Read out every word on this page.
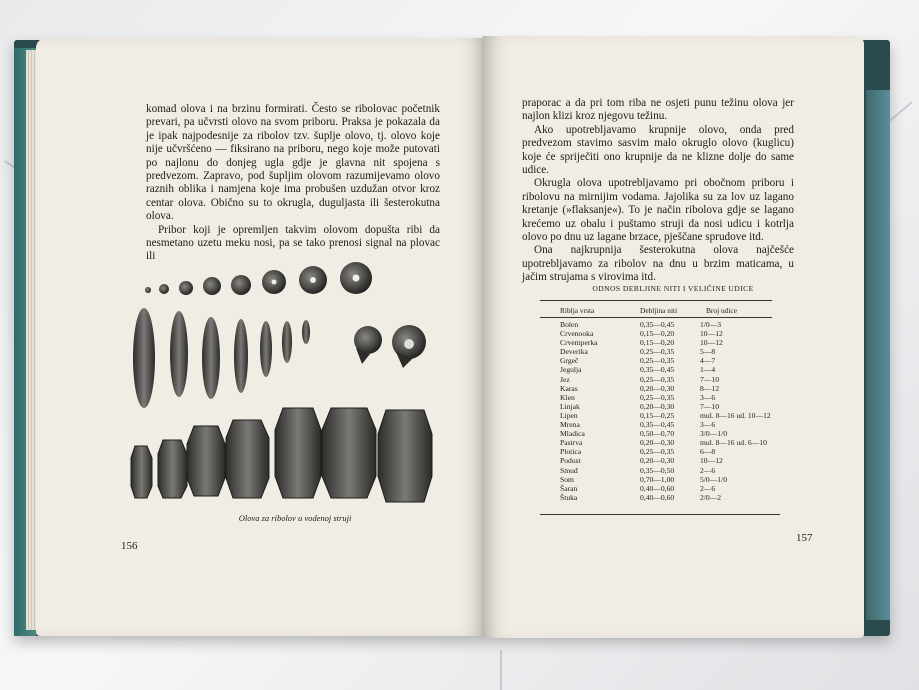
komad olova i na brzinu formirati. Često se ribolovac početnik prevari, pa učvrsti olovo na svom priboru. Praksa je pokazala da je ipak najpodesnije za ribolov tzv. šuplje olovo, tj. olovo koje nije učvršćeno — fiksirano na priboru, nego koje može putovati po najlonu do donjeg ugla gdje je glavna nit spojena s predvezom. Zapravo, pod šupljim olovom razumijevamo olovo raznih oblika i namjena koje ima probušen uzdužan otvor kroz centar olova. Obično su to okrugla, duguljasta ili šesterokutna olova.

Pribor koji je opremljen takvim olovom dopušta ribi da nesmetano uzetu meku nosi, pa se tako prenosi signal na plovac ili

Olova za ribolov u vodenoj struji
156

praporac a da pri tom riba ne osjeti punu težinu olova jer najlon klizi kroz njegovu težinu.

Ako upotrebljavamo krupnije olovo, onda pred predvezom stavimo sasvim malo okruglo olovo (kuglicu) koje će spriječiti ono krupnije da ne klizne dolje do same udice.

Okrugla olova upotrebljavamo pri obočnom priboru i ribolovu na mirnijim vodama. Jajolika su za lov uz lagano kretanje (»flaksanje«). To je način ribolova gdje se lagano krećemo uz obalu i puštamo struji da nosi udicu i kotrlja olovo po dnu uz lagane brzace, pješčane sprudove itd.

Ona najkrupnija šesterokutna olova najčešće upotrebljavamo za ribolov na dnu u brzim maticama, u jačim strujama s virovima itd.

ODNOS DEBLJINE NITI I VELIČINE UDICE
Riblja vrsta	Debljina niti	Broj udice
Bolen	0,35—0,45	1/0—3
Crvenooka	0,15—0,20	10—12
Crvemperka	0,15—0,20	10—12
Deverika	0,25—0,35	5—8
Grgeč	0,25—0,35	4—7
Jegulja	0,35—0,45	1—4
Jez	0,25—0,35	7—10
Karas	0,20—0,30	8—12
Klen	0,25—0,35	3—6
Linjak	0,20—0,30	7—10
Lipen	0,15—0,25	mul. 8—16 ud. 10—12
Mrena	0,35—0,45	3—6
Mladica	0,50—0,70	3/0—1/0
Pastrva	0,20—0,30	mul. 8—16 ud. 6—10
Plotica	0,25—0,35	6—8
Podust	0,20—0,30	10—12
Smuđ	0,35—0,50	2—6
Som	0,70—1,00	5/0—1/0
Šaran	0,40—0,60	2—6
Štuka	0,40—0,60	2/0—2
157
